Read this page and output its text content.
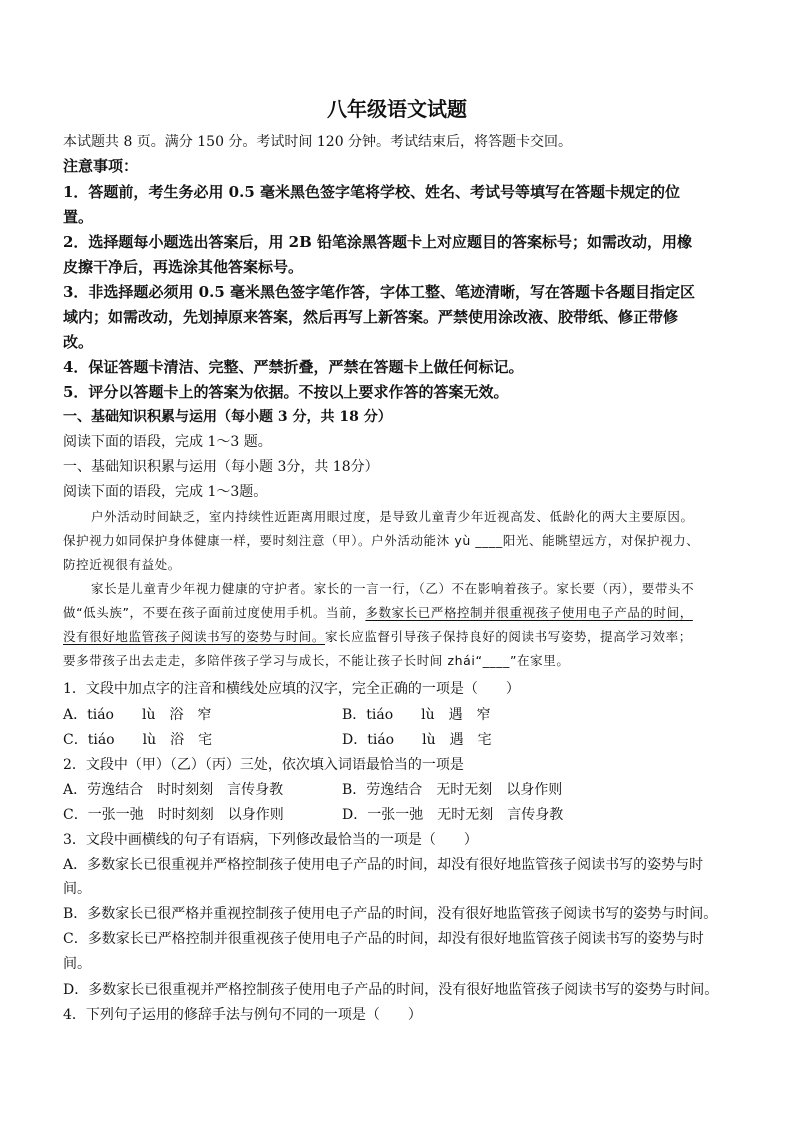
八年级语文试题
本试题共 8 页。满分 150 分。考试时间 120 分钟。考试结束后，将答题卡交回。
注意事项：
1．答题前，考生务必用 0.5 毫米黑色签字笔将学校、姓名、考试号等填写在答题卡规定的位
置。
2．选择题每小题选出答案后，用 2B 铅笔涂黑答题卡上对应题目的答案标号；如需改动，用橡
皮擦干净后，再选涂其他答案标号。
3．非选择题必须用 0.5 毫米黑色签字笔作答，字体工整、笔迹清晰，写在答题卡各题目指定区
域内；如需改动，先划掉原来答案，然后再写上新答案。严禁使用涂改液、胶带纸、修正带修
改。
4．保证答题卡清洁、完整、严禁折叠，严禁在答题卡上做任何标记。
5．评分以答题卡上的答案为依据。不按以上要求作答的答案无效。
一、基础知识积累与运用（每小题 3 分，共 18 分）
阅读下面的语段，完成 1～3 题。
一、基础知识积累与运用（每小题 3分，共 18分）
阅读下面的语段，完成 1～3题。

户外活动时间缺乏，室内持续性近距离用眼过度，是导致儿童青少年近视高发、低龄化的两大主要原因。

保护视力如同保护身体健康一样，要时刻注意（甲）。户外活动能沐 yù ____阳光、能眺望远方，对保护视力、

防控近视很有益处。

家长是儿童青少年视力健康的守护者。家长的一言一行，（乙）不在影响着孩子。家长要（丙），要带头不

做“低头族”，不要在孩子面前过度使用手机。当前，多数家长已严格控制并很重视孩子使用电子产品的时间，

没有很好地监管孩子阅读书写的姿势与时间。家长应监督引导孩子保持良好的阅读书写姿势，提高学习效率；

要多带孩子出去走走，多陪伴孩子学习与成长，不能让孩子长时间 zhái“____”在家里。

1．文段中加点字的注音和横线处应填的汉字，完全正确的一项是（　　）
A．tiáo　　lù　浴　窄	B．tiáo　　lù　遇　窄
C．tiáo　　lù　浴　宅	D．tiáo　　lù　遇　宅
2．文段中（甲）（乙）（丙）三处，依次填入词语最恰当的一项是
A．劳逸结合　时时刻刻　言传身教	B．劳逸结合　无时无刻　以身作则
C．一张一弛　时时刻刻　以身作则	D．一张一弛　无时无刻　言传身教
3．文段中画横线的句子有语病，下列修改最恰当的一项是（　　）
A．多数家长已很重视并严格控制孩子使用电子产品的时间，却没有很好地监管孩子阅读书写的姿势与时
间。
B．多数家长已很严格并重视控制孩子使用电子产品的时间，没有很好地监管孩子阅读书写的姿势与时间。
C．多数家长已严格控制并很重视孩子使用电子产品的时间，却没有很好地监管孩子阅读书写的姿势与时
间。
D．多数家长已很重视并严格控制孩子使用电子产品的时间，没有很好地监管孩子阅读书写的姿势与时间。
4．下列句子运用的修辞手法与例句不同的一项是（　　）
